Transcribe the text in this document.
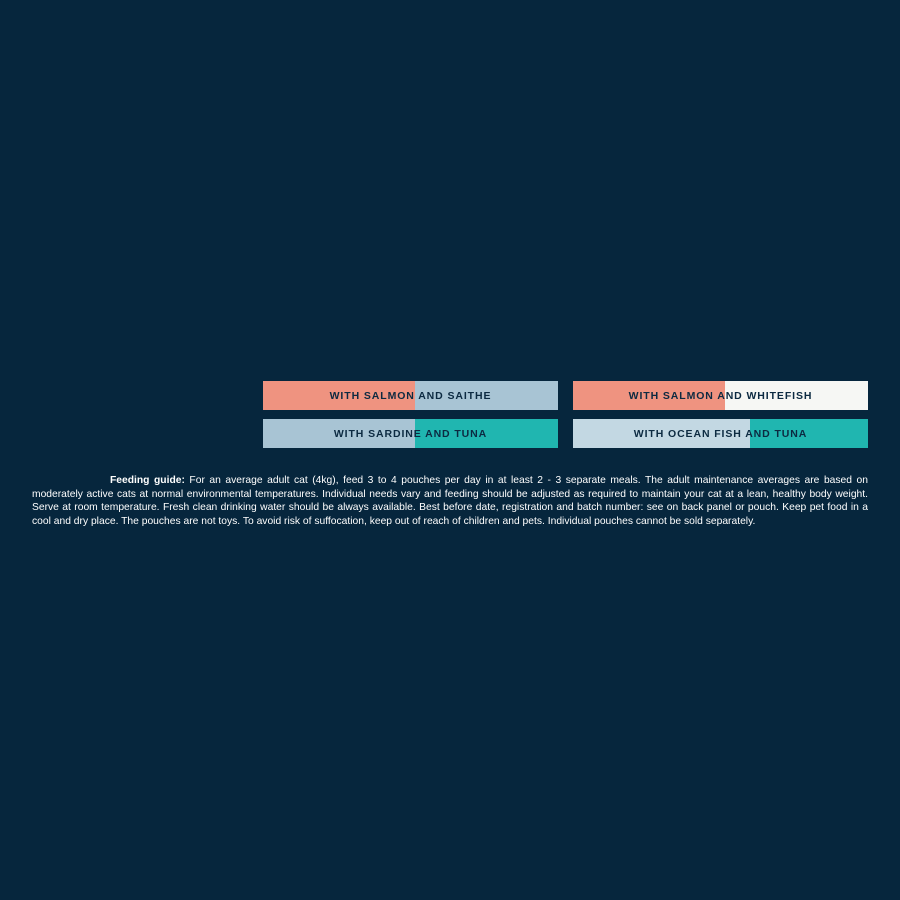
WITH SALMON AND SAITHE	WITH SALMON AND WHITEFISH
WITH SARDINE AND TUNA	WITH OCEAN FISH AND TUNA

Feeding guide: For an average adult cat (4kg), feed 3 to 4 pouches per day in at least 2 - 3 separate meals. The adult maintenance averages are based on moderately active cats at normal environmental temperatures. Individual needs vary and feeding should be adjusted as required to maintain your cat at a lean, healthy body weight. Serve at room temperature. Fresh clean drinking water should be always available. Best before date, registration and batch number: see on back panel or pouch. Keep pet food in a cool and dry place. The pouches are not toys. To avoid risk of suffocation, keep out of reach of children and pets. Individual pouches cannot be sold separately.
